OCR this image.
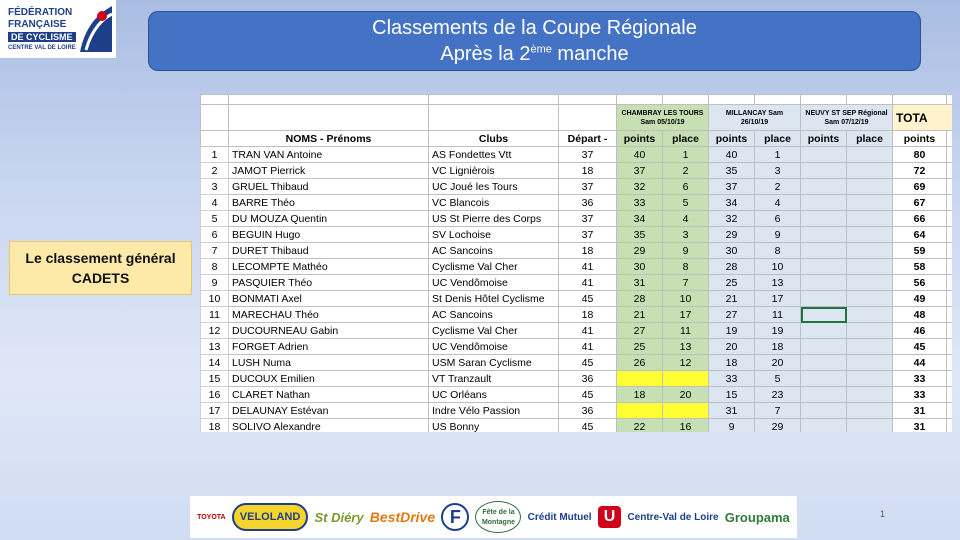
FÉDÉRATION
FRANÇAISE
DE CYCLISME
CENTRE VAL DE LOIRE
Classements de la Coupe Régionale
Après la 2ème manche
Le classement général
CADETS

				CHAMBRAY LES TOURS Sam 05/10/19		MILLANCAY Sam 26/10/19		NEUVY ST SEP Régional Sam 07/12/19		TOTA	
	NOMS - Prénoms	Clubs	Départ -	points	place	points	place	points	place	points	
1	TRAN VAN Antoine	AS Fondettes Vtt	37	40	1	40	1			80	
2	JAMOT Pierrick	VC Lignièrois	18	37	2	35	3			72	
3	GRUEL Thibaud	UC Joué les Tours	37	32	6	37	2			69	
4	BARRE Théo	VC Blancois	36	33	5	34	4			67	
5	DU MOUZA Quentin	US St Pierre des Corps	37	34	4	32	6			66	
6	BEGUIN Hugo	SV Lochoise	37	35	3	29	9			64	
7	DURET Thibaud	AC Sancoins	18	29	9	30	8			59	
8	LECOMPTE Mathéo	Cyclisme Val Cher	41	30	8	28	10			58	
9	PASQUIER Théo	UC Vendômoise	41	31	7	25	13			56	
10	BONMATI Axel	St Denis Hôtel Cyclisme	45	28	10	21	17			49	
11	MARECHAU Théo	AC Sancoins	18	21	17	27	11			48	
12	DUCOURNEAU Gabin	Cyclisme Val Cher	41	27	11	19	19			46	
13	FORGET Adrien	UC Vendômoise	41	25	13	20	18			45	
14	LUSH Numa	USM Saran Cyclisme	45	26	12	18	20			44	
15	DUCOUX Emilien	VT Tranzault	36			33	5			33	
16	CLARET Nathan	UC Orléans	45	18	20	15	23			33	
17	DELAUNAY Estévan	Indre Vélo Passion	36			31	7			31	
18	SOLIVO Alexandre	US Bonny	45	22	16	9	29			31	
TOYOTA	VELOLAND	St Diéry BestDrive F	Fête de la Montagne	Crédit Mutuel U	Centre-Val de Loire Groupama	1
